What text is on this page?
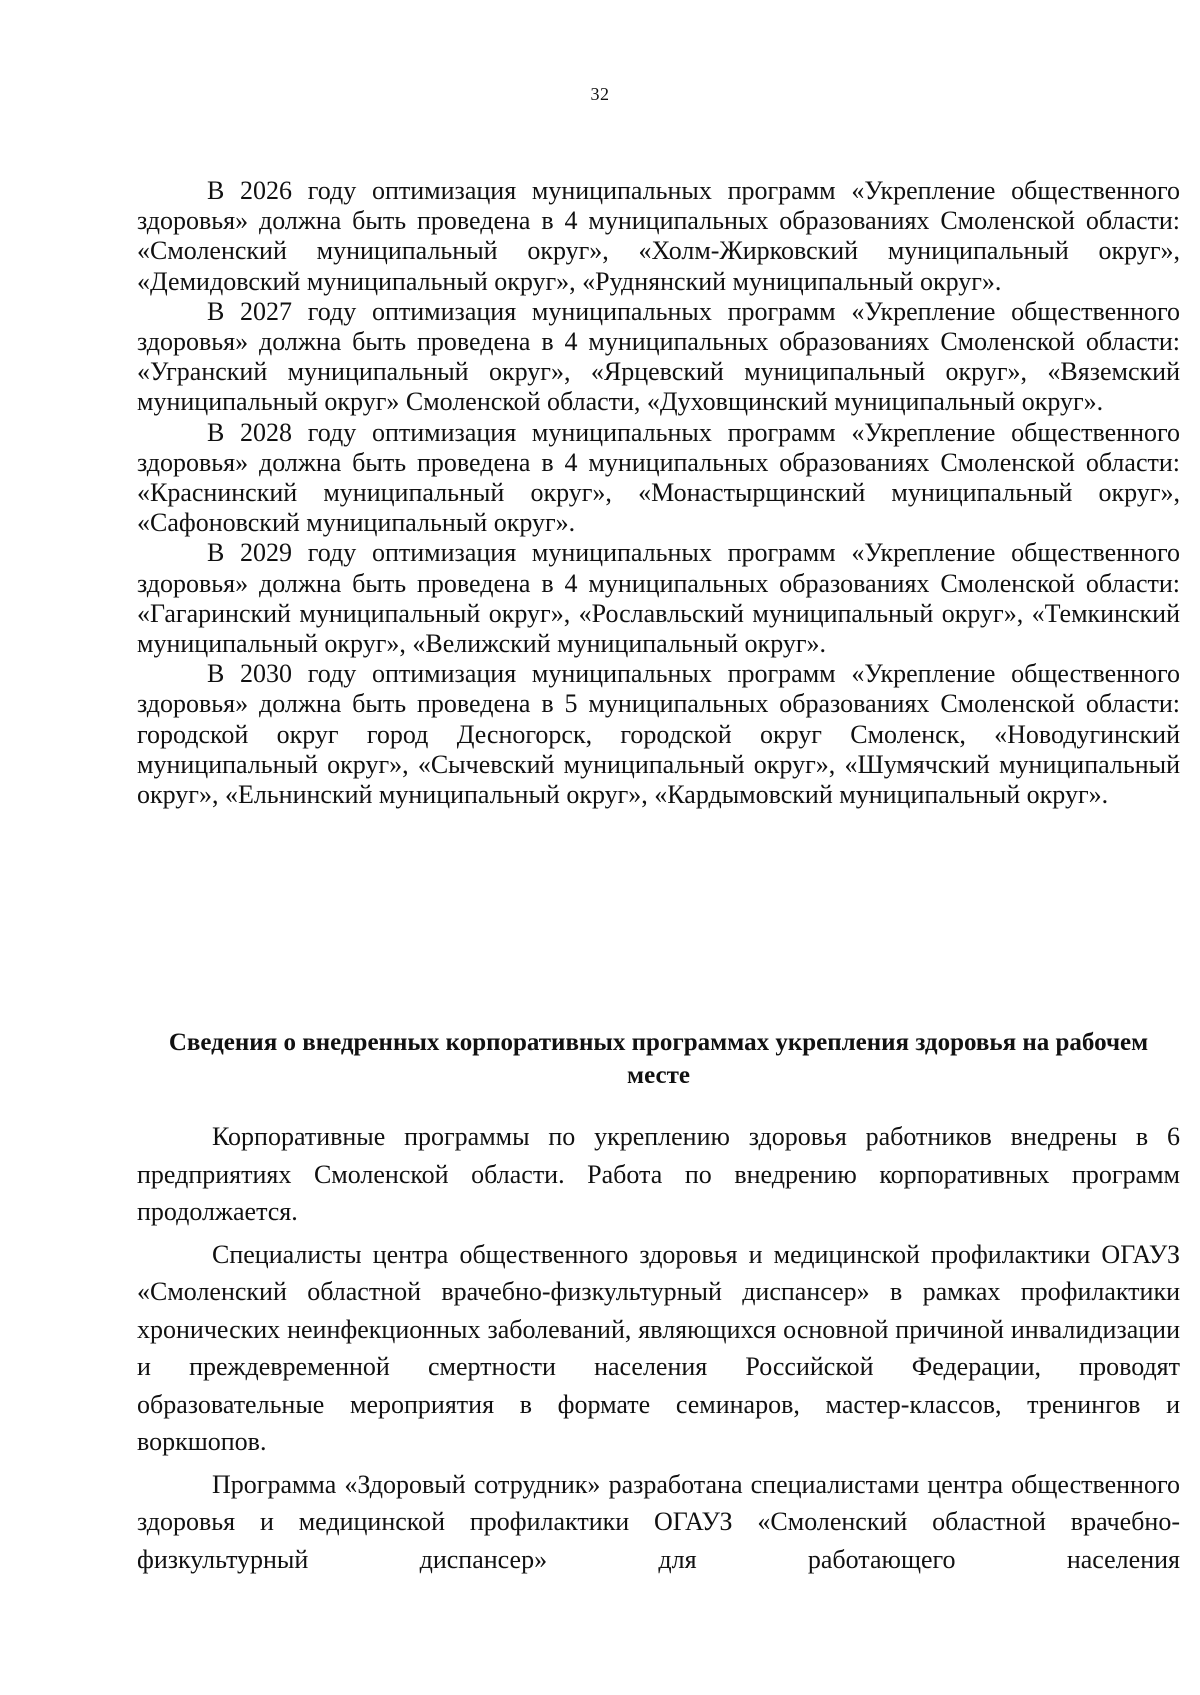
32

В 2026 году оптимизация муниципальных программ «Укрепление общественного здоровья» должна быть проведена в 4 муниципальных образованиях Смоленской области: «Смоленский муниципальный округ», «Холм-Жирковский муниципальный округ», «Демидовский муниципальный округ», «Руднянский муниципальный округ».

В 2027 году оптимизация муниципальных программ «Укрепление общественного здоровья» должна быть проведена в 4 муниципальных образованиях Смоленской области: «Угранский муниципальный округ», «Ярцевский муниципальный округ», «Вяземский муниципальный округ» Смоленской области, «Духовщинский муниципальный округ».

В 2028 году оптимизация муниципальных программ «Укрепление общественного здоровья» должна быть проведена в 4 муниципальных образованиях Смоленской области: «Краснинский муниципальный округ», «Монастырщинский муниципальный округ», «Сафоновский муниципальный округ».

В 2029 году оптимизация муниципальных программ «Укрепление общественного здоровья» должна быть проведена в 4 муниципальных образованиях Смоленской области: «Гагаринский муниципальный округ», «Рославльский муниципальный округ», «Темкинский муниципальный округ», «Велижский муниципальный округ».

В 2030 году оптимизация муниципальных программ «Укрепление общественного здоровья» должна быть проведена в 5 муниципальных образованиях Смоленской области: городской округ город Десногорск, городской округ Смоленск, «Новодугинский муниципальный округ», «Сычевский муниципальный округ», «Шумячский муниципальный округ», «Ельнинский муниципальный округ», «Кардымовский муниципальный округ».

Сведения о внедренных корпоративных программах укрепления здоровья на рабочем месте

Корпоративные программы по укреплению здоровья работников внедрены в 6 предприятиях Смоленской области. Работа по внедрению корпоративных программ продолжается.

Специалисты центра общественного здоровья и медицинской профилактики ОГАУЗ «Смоленский областной врачебно-физкультурный диспансер» в рамках профилактики хронических неинфекционных заболеваний, являющихся основной причиной инвалидизации и преждевременной смертности населения Российской Федерации, проводят образовательные мероприятия в формате семинаров, мастер-классов, тренингов и воркшопов.

Программа «Здоровый сотрудник» разработана специалистами центра общественного здоровья и медицинской профилактики ОГАУЗ «Смоленский областной врачебно-физкультурный диспансер» для работающего населения
